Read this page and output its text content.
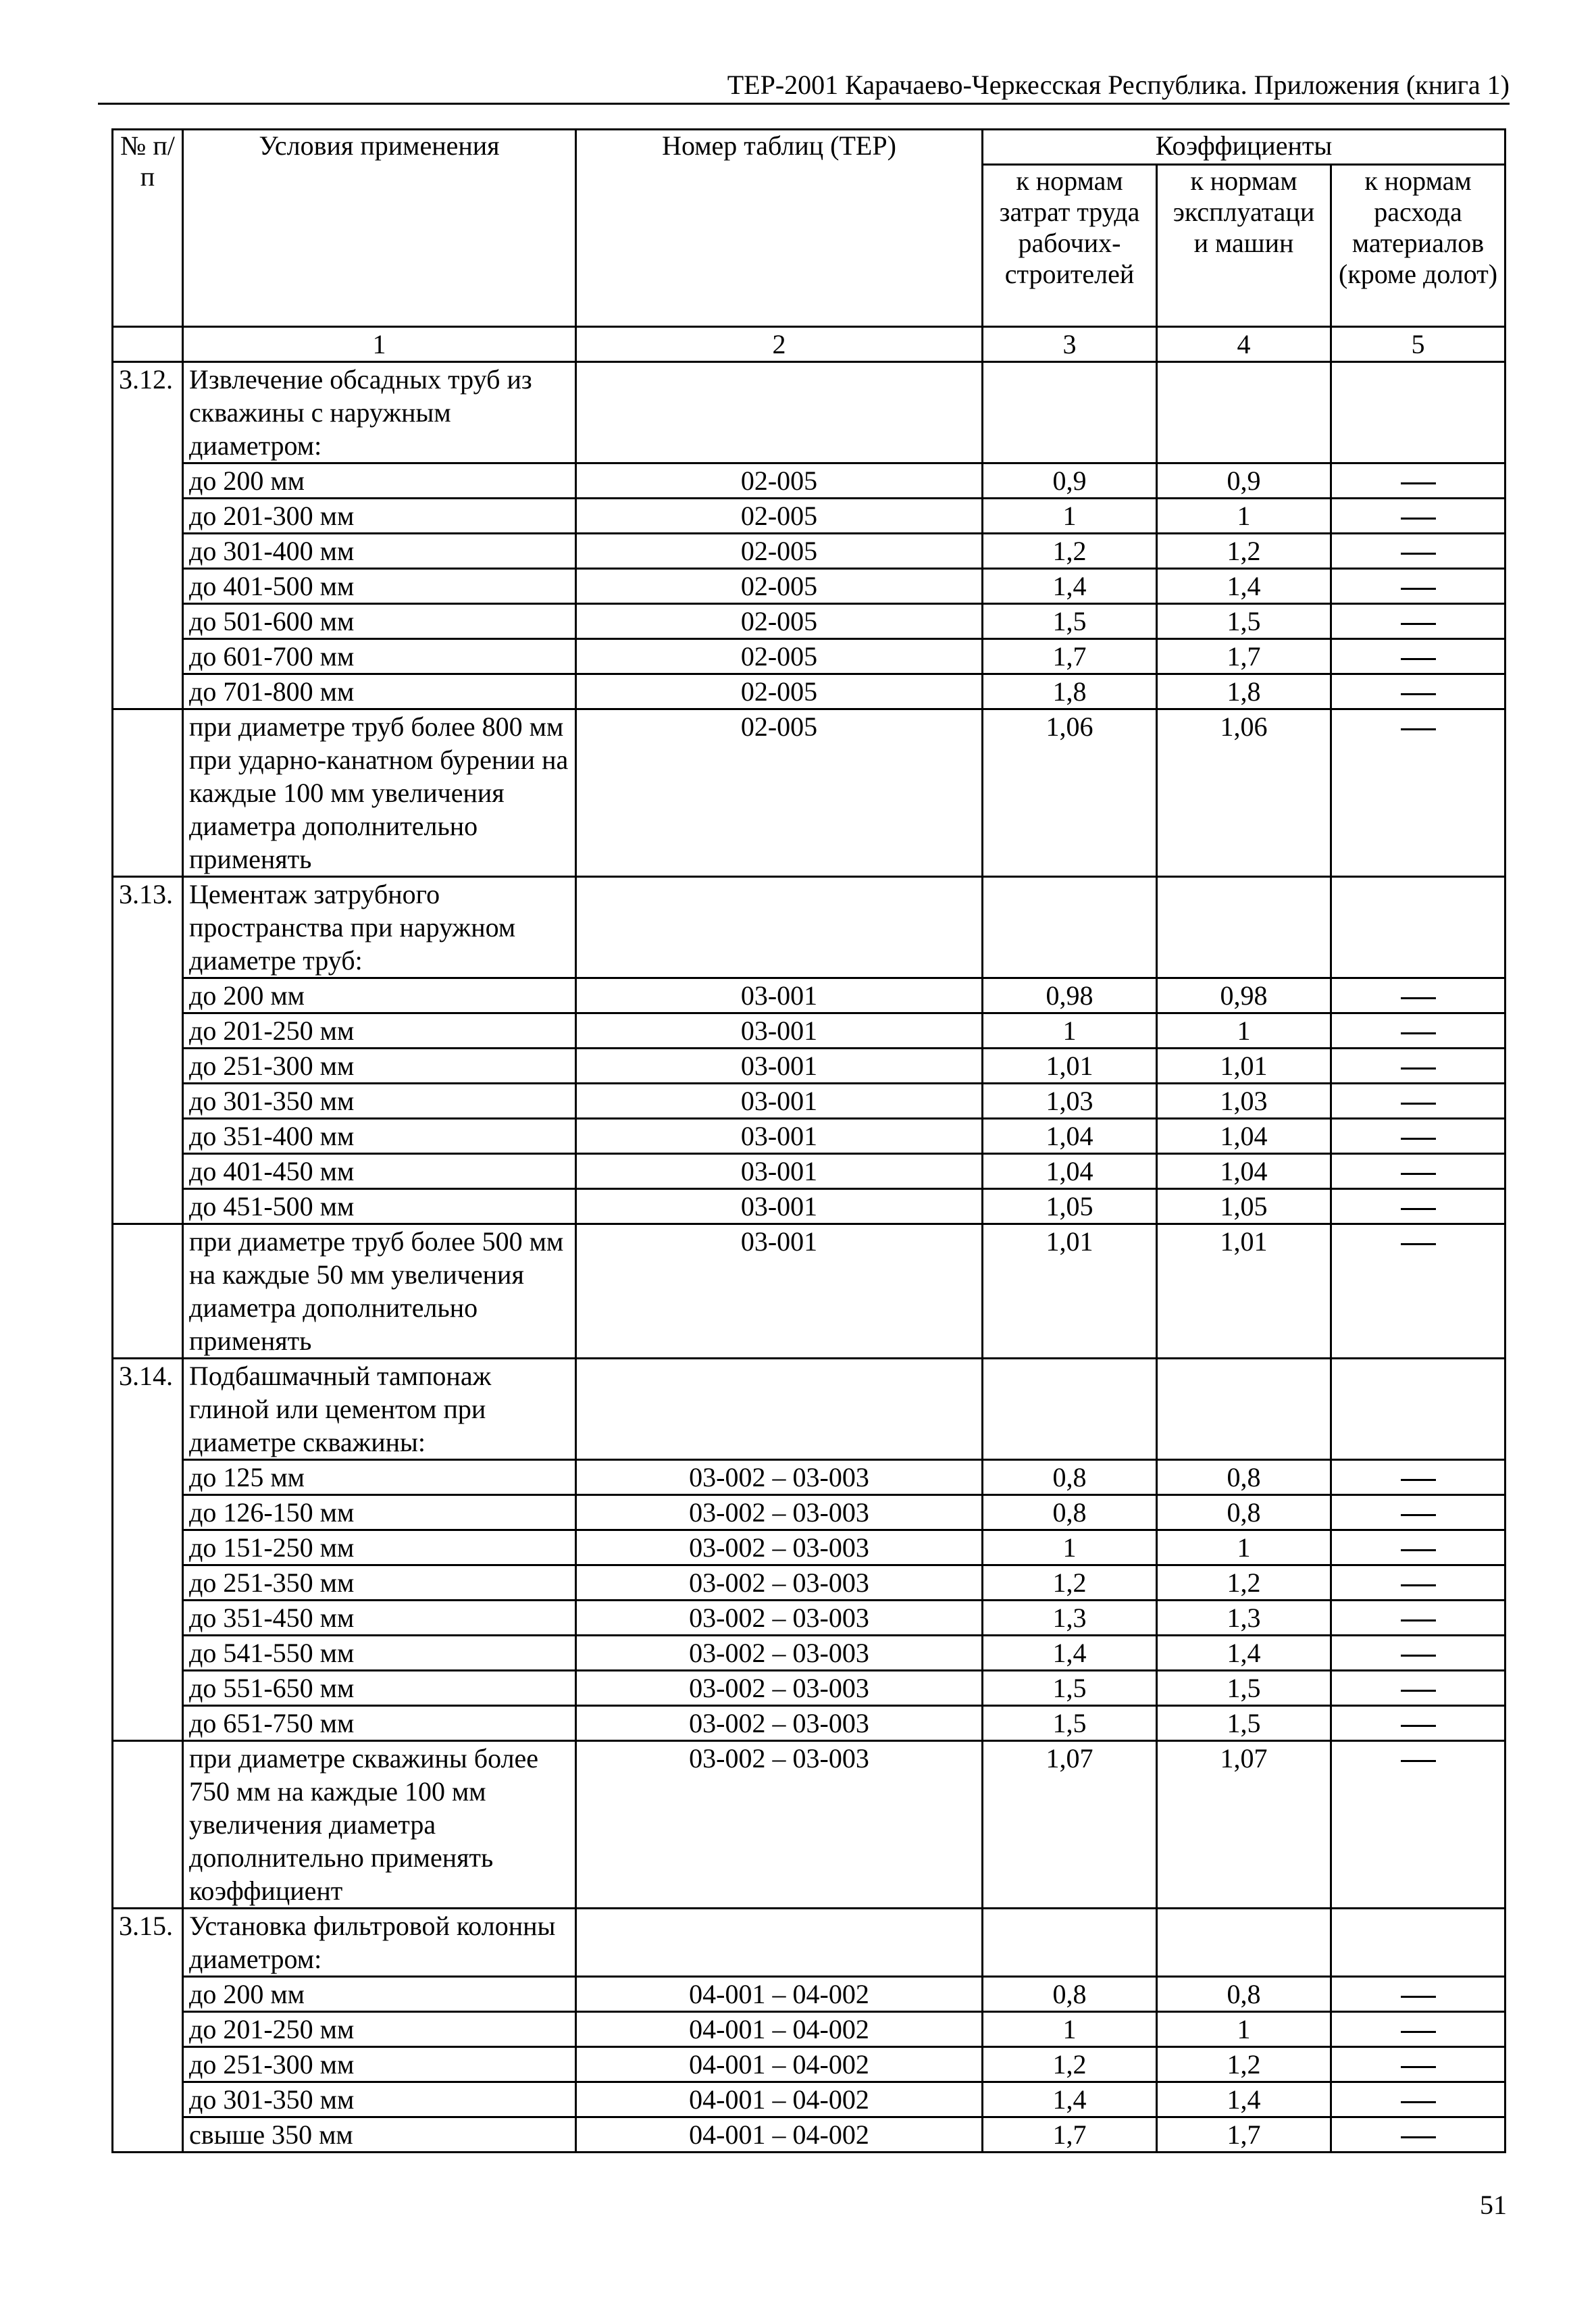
ТЕР-2001 Карачаево-Черкесская Республика. Приложения (книга 1)
№ п/п	Условия применения	Номер таблиц (ТЕР)	Коэффициенты		
			к нормам затрат труда рабочих-строителей	к нормам эксплуатаци и машин	к нормам расхода материалов (кроме долот)
	1	2	3	4	5
3.12.	Извлечение обсадных труб из скважины с наружным диаметром:				
	до 200 мм	02-005	0,9	0,9	
	до 201-300 мм	02-005	1	1	
	до 301-400 мм	02-005	1,2	1,2	
	до 401-500 мм	02-005	1,4	1,4	
	до 501-600 мм	02-005	1,5	1,5	
	до 601-700 мм	02-005	1,7	1,7	
	до 701-800 мм	02-005	1,8	1,8	
	при диаметре труб более 800 мм при ударно-канатном бурении на каждые 100 мм увеличения диаметра дополнительно применять	02-005	1,06	1,06	
3.13.	Цементаж затрубного пространства при наружном диаметре труб:				
	до 200 мм	03-001	0,98	0,98	
	до 201-250 мм	03-001	1	1	
	до 251-300 мм	03-001	1,01	1,01	
	до 301-350 мм	03-001	1,03	1,03	
	до 351-400 мм	03-001	1,04	1,04	
	до 401-450 мм	03-001	1,04	1,04	
	до 451-500 мм	03-001	1,05	1,05	
	при диаметре труб более 500 мм на каждые 50 мм увеличения диаметра дополнительно применять	03-001	1,01	1,01	
3.14.	Подбашмачный тампонаж глиной или цементом при диаметре скважины:				
	до 125 мм	03-002 – 03-003	0,8	0,8	
	до 126-150 мм	03-002 – 03-003	0,8	0,8	
	до 151-250 мм	03-002 – 03-003	1	1	
	до 251-350 мм	03-002 – 03-003	1,2	1,2	
	до 351-450 мм	03-002 – 03-003	1,3	1,3	
	до 541-550 мм	03-002 – 03-003	1,4	1,4	
	до 551-650 мм	03-002 – 03-003	1,5	1,5	
	до 651-750 мм	03-002 – 03-003	1,5	1,5	
	при диаметре скважины более 750 мм на каждые 100 мм увеличения диаметра дополнительно применять коэффициент	03-002 – 03-003	1,07	1,07	
3.15.	Установка фильтровой колонны диаметром:				
	до 200 мм	04-001 – 04-002	0,8	0,8	
	до 201-250 мм	04-001 – 04-002	1	1	
	до 251-300 мм	04-001 – 04-002	1,2	1,2	
	до 301-350 мм	04-001 – 04-002	1,4	1,4	
	свыше 350 мм	04-001 – 04-002	1,7	1,7	
51
